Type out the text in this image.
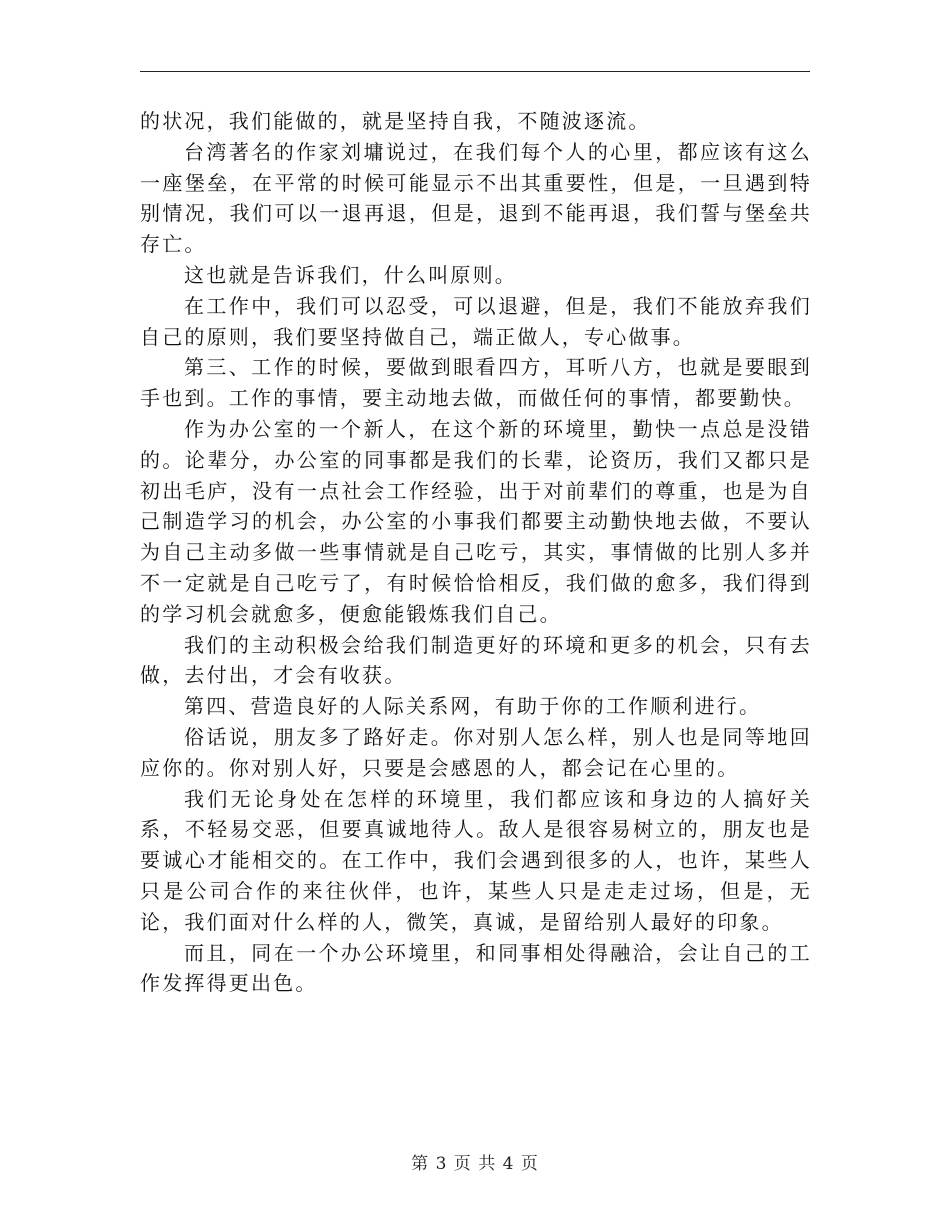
的状况，我们能做的，就是坚持自我，不随波逐流。

台湾著名的作家刘墉说过，在我们每个人的心里，都应该有这么一座堡垒，在平常的时候可能显示不出其重要性，但是，一旦遇到特别情况，我们可以一退再退，但是，退到不能再退，我们誓与堡垒共存亡。

这也就是告诉我们，什么叫原则。

在工作中，我们可以忍受，可以退避，但是，我们不能放弃我们自己的原则，我们要坚持做自己，端正做人，专心做事。

第三、工作的时候，要做到眼看四方，耳听八方，也就是要眼到手也到。工作的事情，要主动地去做，而做任何的事情，都要勤快。

作为办公室的一个新人，在这个新的环境里，勤快一点总是没错的。论辈分，办公室的同事都是我们的长辈，论资历，我们又都只是初出毛庐，没有一点社会工作经验，出于对前辈们的尊重，也是为自己制造学习的机会，办公室的小事我们都要主动勤快地去做，不要认为自己主动多做一些事情就是自己吃亏，其实，事情做的比别人多并不一定就是自己吃亏了，有时候恰恰相反，我们做的愈多，我们得到的学习机会就愈多，便愈能锻炼我们自己。

我们的主动积极会给我们制造更好的环境和更多的机会，只有去做，去付出，才会有收获。

第四、营造良好的人际关系网，有助于你的工作顺利进行。

俗话说，朋友多了路好走。你对别人怎么样，别人也是同等地回应你的。你对别人好，只要是会感恩的人，都会记在心里的。

我们无论身处在怎样的环境里，我们都应该和身边的人搞好关系，不轻易交恶，但要真诚地待人。敌人是很容易树立的，朋友也是要诚心才能相交的。在工作中，我们会遇到很多的人，也许，某些人只是公司合作的来往伙伴，也许，某些人只是走走过场，但是，无论，我们面对什么样的人，微笑，真诚，是留给别人最好的印象。

而且，同在一个办公环境里，和同事相处得融洽，会让自己的工作发挥得更出色。

第 3 页 共 4 页
